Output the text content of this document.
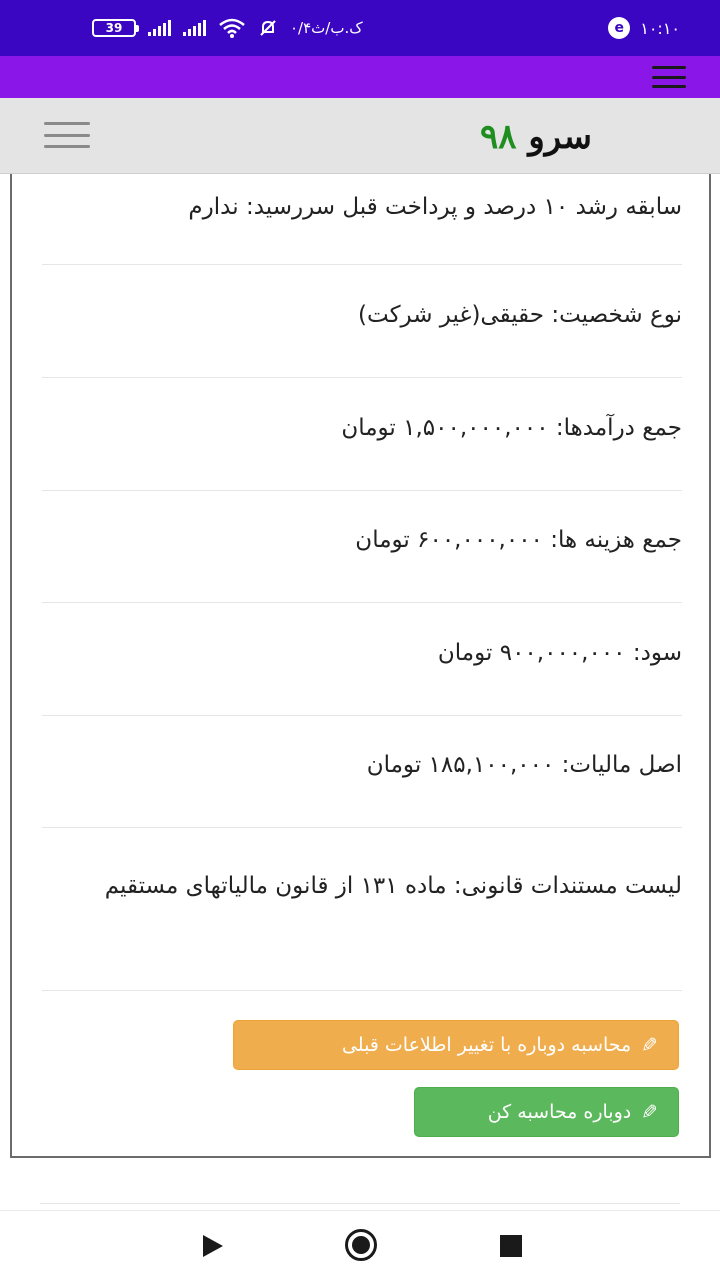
39	۰/۴ک.ب/ث	e	۱۰:۱۰
سرو ۹۸
سابقه رشد ۱۰ درصد و پرداخت قبل سررسید: ندارم
نوع شخصیت: حقیقی(غیر شرکت)
جمع درآمدها: ۱,۵۰۰,۰۰۰,۰۰۰ تومان
جمع هزینه ها: ۶۰۰,۰۰۰,۰۰۰ تومان
سود: ۹۰۰,۰۰۰,۰۰۰ تومان
اصل مالیات: ۱۸۵,۱۰۰,۰۰۰ تومان
لیست مستندات قانونی: ماده ۱۳۱ از قانون مالیاتهای مستقیم
✎
محاسبه دوباره با تغییر اطلاعات قبلی
✎
دوباره محاسبه کن
